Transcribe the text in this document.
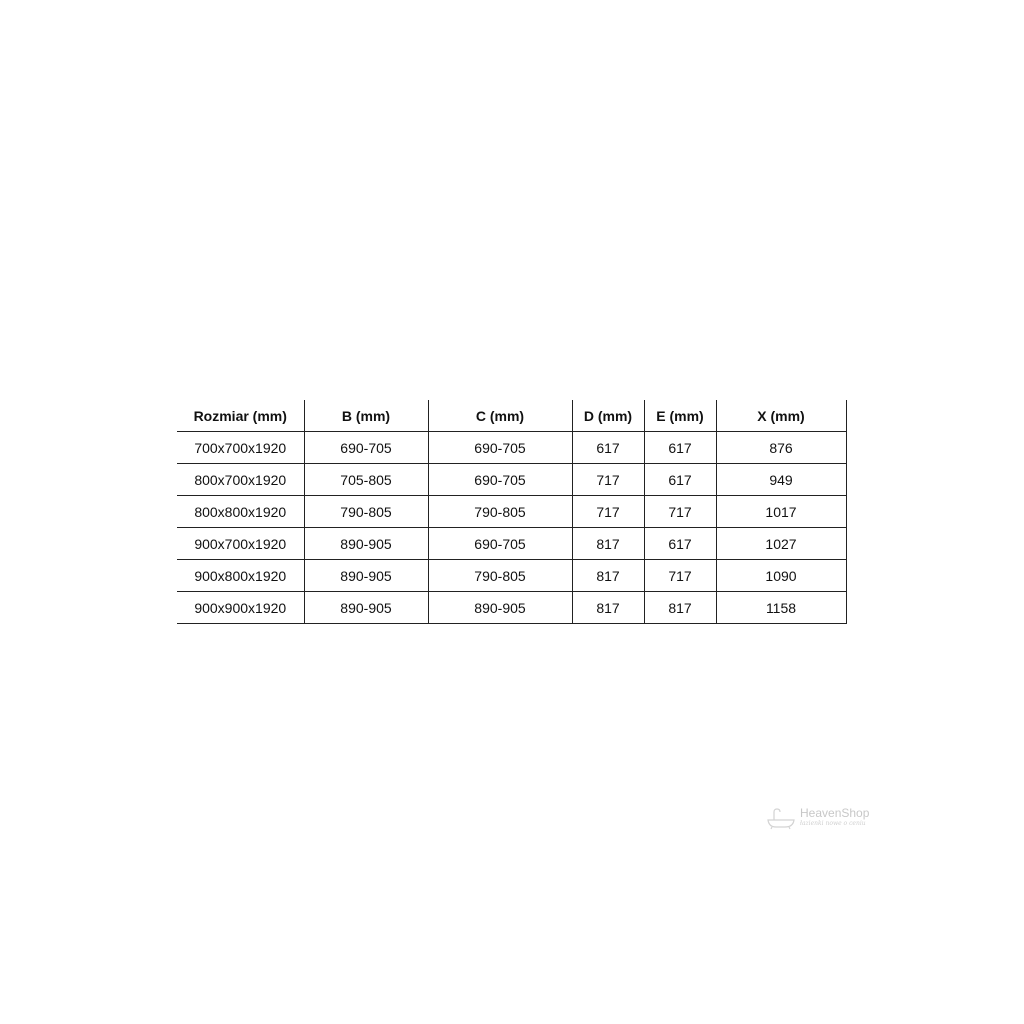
Rozmiar (mm)	B (mm)	C (mm)	D (mm)	E (mm)	X (mm)
700x700x1920	690-705	690-705	617	617	876
800x700x1920	705-805	690-705	717	617	949
800x800x1920	790-805	790-805	717	717	1017
900x700x1920	890-905	690-705	817	617	1027
900x800x1920	890-905	790-805	817	717	1090
900x900x1920	890-905	890-905	817	817	1158
HeavenShop
łazienki nowe o ceniu
